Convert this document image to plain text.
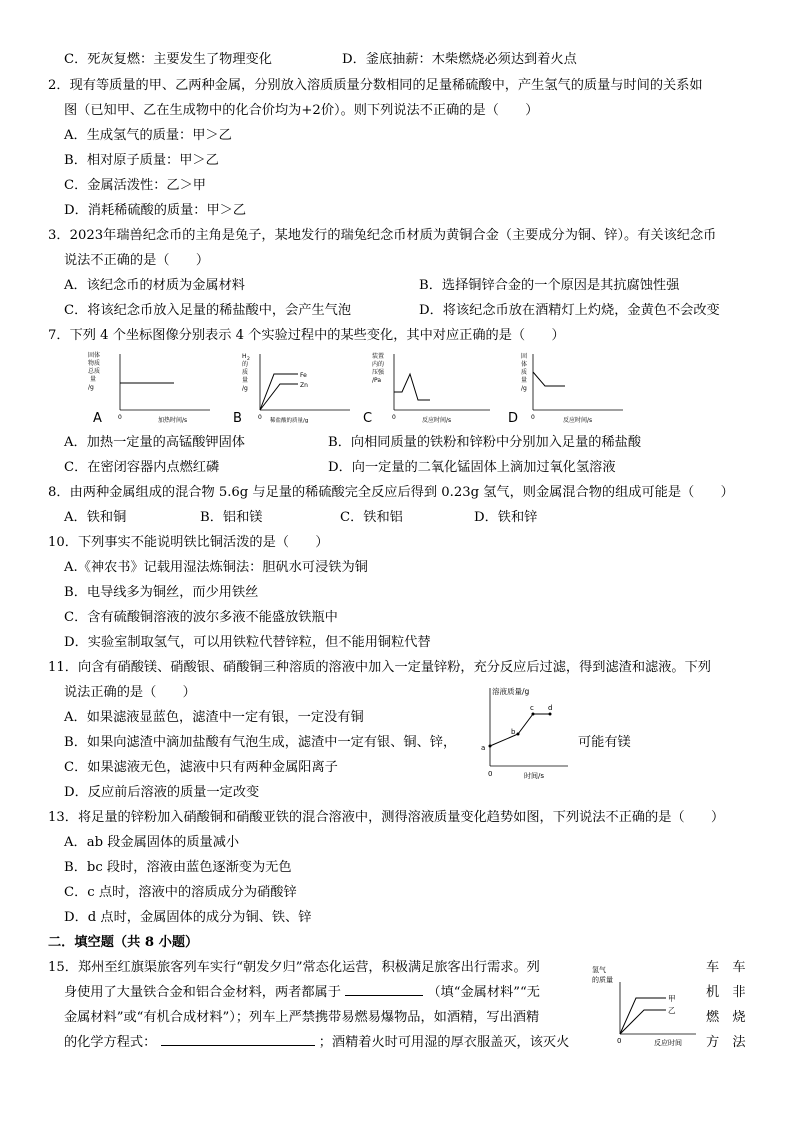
C．死灰复燃：主要发生了物理变化	D．釜底抽薪：木柴燃烧必须达到着火点
2．现有等质量的甲、乙两种金属，分别放入溶质质量分数相同的足量稀硫酸中，产生氢气的质量与时间的关系如
图（已知甲、乙在生成物中的化合价均为+2价）。则下列说法不正确的是（　　）
A．生成氢气的质量：甲＞乙
B．相对原子质量：甲＞乙
C．金属活泼性：乙＞甲
D．消耗稀硫酸的质量：甲＞乙
3．2023年瑞兽纪念币的主角是兔子，某地发行的瑞兔纪念币材质为黄铜合金（主要成分为铜、锌）。有关该纪念币
说法不正确的是（　　）
A．该纪念币的材质为金属材料	B．选择铜锌合金的一个原因是其抗腐蚀性强
C．将该纪念币放入足量的稀盐酸中，会产生气泡	D．将该纪念币放在酒精灯上灼烧，金黄色不会改变
7．下列 4 个坐标图像分别表示 4 个实验过程中的某些变化，其中对应正确的是（　　）
A
固体
物质
总质
量
/g
0	加热时间/s	B
H 2
的
质
量
/g
Fe
Zn
0 稀盐酸的质量/g	C
装置
内的
压强
/Pa
0	反应时间/s	D
固
体
质
量
/g
0	反应时间/s
A．加热一定量的高锰酸钾固体	B．向相同质量的铁粉和锌粉中分别加入足量的稀盐酸
C．在密闭容器内点燃红磷	D．向一定量的二氧化锰固体上滴加过氧化氢溶液
8．由两种金属组成的混合物 5.6g 与足量的稀硫酸完全反应后得到 0.23g 氢气，则金属混合物的组成可能是（　　）
A．铁和铜	B．铝和镁	C．铁和铝	D．铁和锌
10．下列事实不能说明铁比铜活泼的是（　　）
A.《神农书》记载用湿法炼铜法：胆矾水可浸铁为铜
B．电导线多为铜丝，而少用铁丝
C．含有硫酸铜溶液的波尔多液不能盛放铁瓶中
D．实验室制取氢气，可以用铁粒代替锌粒，但不能用铜粒代替
11．向含有硝酸镁、硝酸银、硝酸铜三种溶质的溶液中加入一定量锌粉，充分反应后过滤，得到滤渣和滤液。下列
说法正确的是（　　）
A．如果滤液显蓝色，滤渣中一定有银，一定没有铜
B．如果向滤渣中滴加盐酸有气泡生成，滤渣中一定有银、铜、锌，	可能有镁
C．如果滤液无色，滤液中只有两种金属阳离子
D．反应前后溶液的质量一定改变
溶液质量/g
a
b
c d
0	时间/s
13．将足量的锌粉加入硝酸铜和硝酸亚铁的混合溶液中，测得溶液质量变化趋势如图，下列说法不正确的是（　　）
A．ab 段金属固体的质量减小
B．bc 段时，溶液由蓝色逐渐变为无色
C．c 点时，溶液中的溶质成分为硝酸锌
D．d 点时，金属固体的成分为铜、铁、锌
二．填空题（共 8 小题）
15．郑州至红旗渠旅客列车实行“朝发夕归”常态化运营，积极满足旅客出行需求。列	车　车
身使用了大量铁合金和铝合金材料，两者都属于	（填“金属材料”“无	机　非
金属材料”或“有机合成材料”）；列车上严禁携带易燃易爆物品，如酒精，写出酒精	燃　烧
的化学方程式：	；酒精着火时可用湿的厚衣服盖灭，该灭火	方　法
氢气
的质量
甲
乙
0	反应时间
